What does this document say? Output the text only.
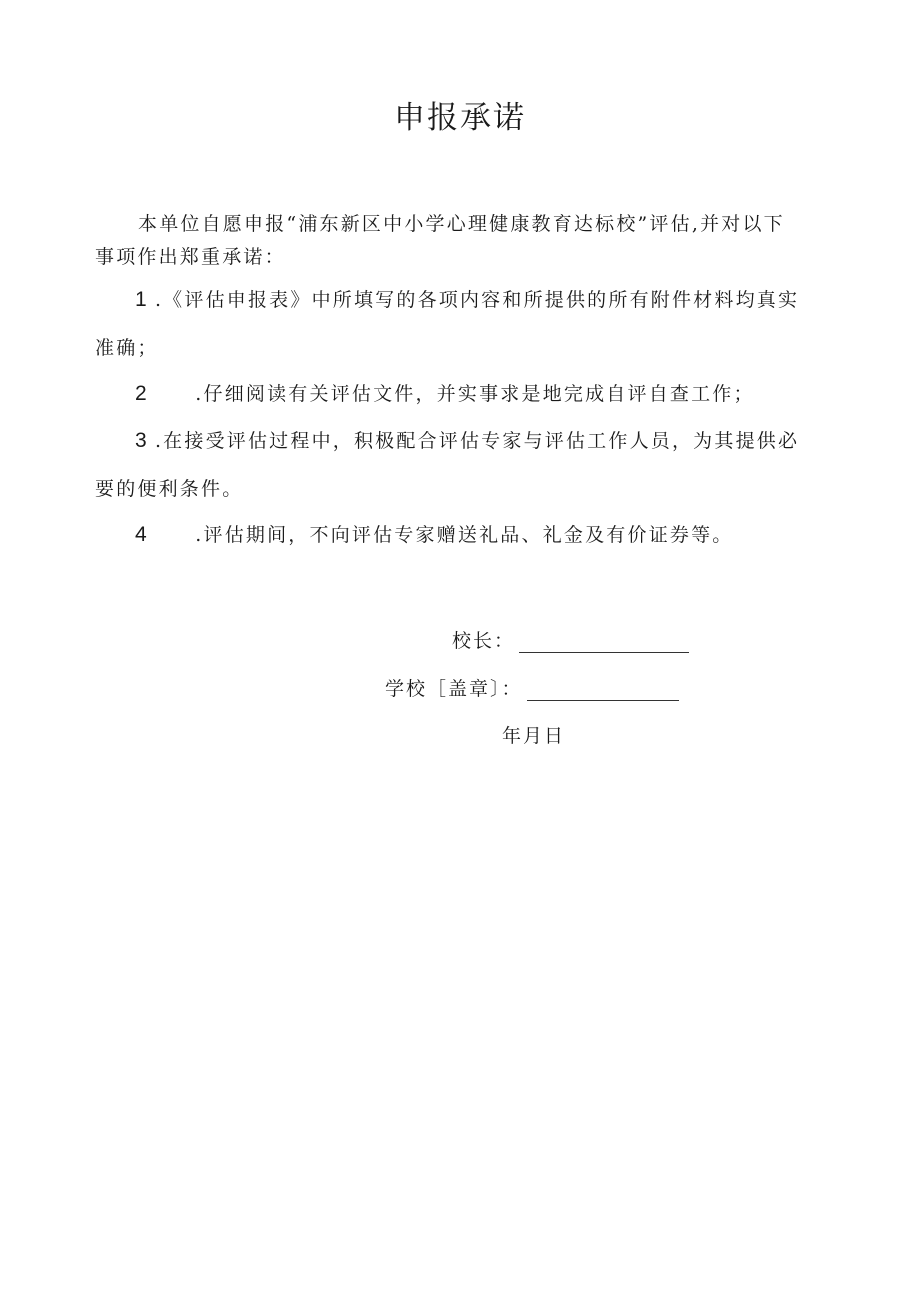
申报承诺

本单位自愿申报“浦东新区中小学心理健康教育达标校”评估,并对以下

事项作出郑重承诺：

1 .《评估申报表》中所填写的各项内容和所提供的所有附件材料均真实

准确；

2	.仔细阅读有关评估文件，并实事求是地完成自评自查工作；

3 .在接受评估过程中，积极配合评估专家与评估工作人员，为其提供必

要的便利条件。

4	.评估期间，不向评估专家赠送礼品、礼金及有价证券等。

校长：
学校［盖章〕：
年月日
